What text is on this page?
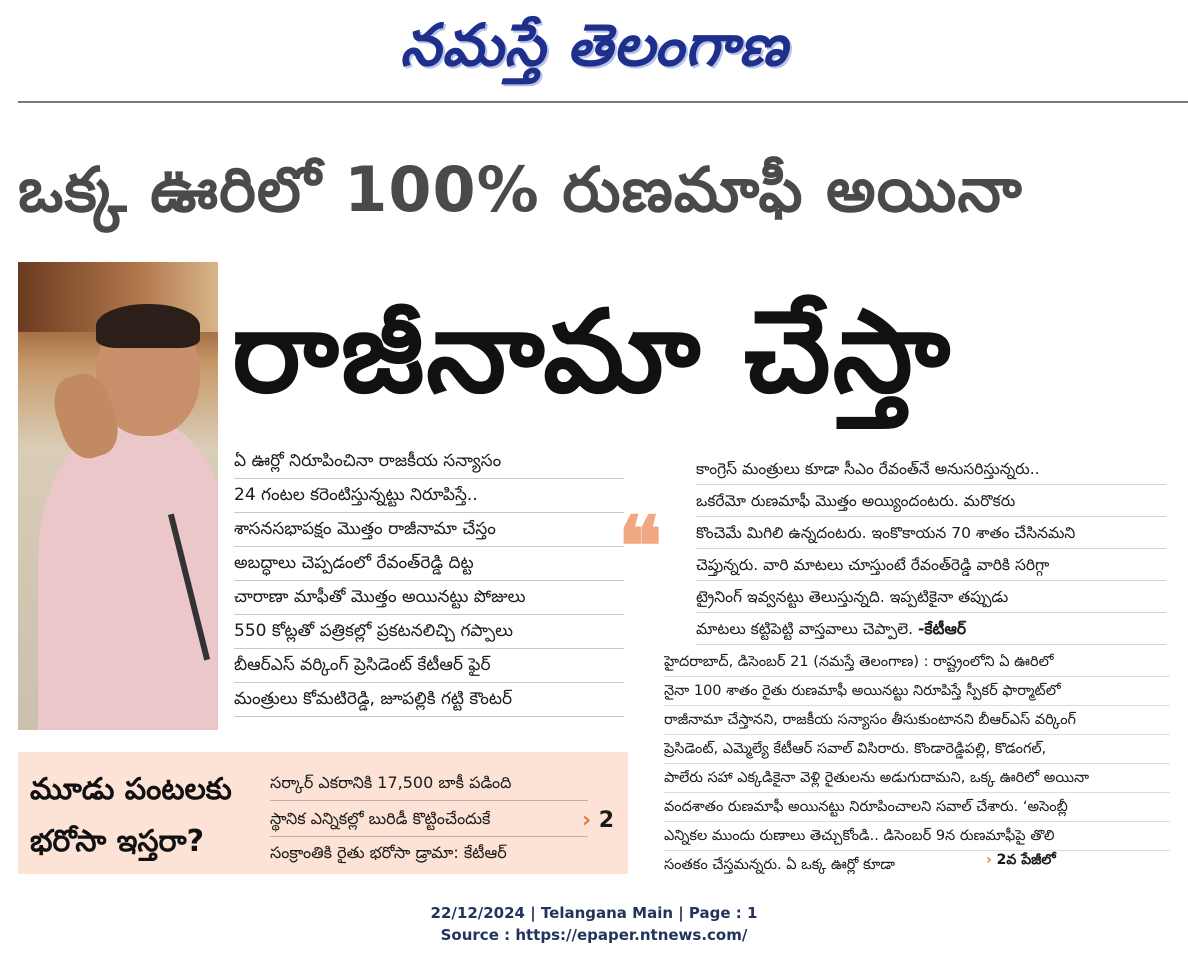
నమస్తే తెలంగాణ
ఒక్క ఊరిలో 100% రుణమాఫీ అయినా
రాజీనామా చేస్తా
ఏ ఊర్లో నిరూపించినా రాజకీయ సన్యాసం
24 గంటల కరెంటిస్తున్నట్టు నిరూపిస్తే..
శాసనసభాపక్షం మొత్తం రాజీనామా చేస్తం
అబద్ధాలు చెప్పడంలో రేవంత్‌రెడ్డి దిట్ట
చారాణా మాఫీతో మొత్తం అయినట్టు పోజులు
550 కోట్లతో పత్రికల్లో ప్రకటనలిచ్చి గప్పాలు
బీఆర్‌ఎస్ వర్కింగ్ ప్రెసిడెంట్ కేటీఆర్ ఫైర్
మంత్రులు కోమటిరెడ్డి, జూపల్లికి గట్టి కౌంటర్
❝
కాంగ్రెస్ మంత్రులు కూడా సీఎం రేవంత్‌నే అనుసరిస్తున్నరు..
ఒకరేమో రుణమాఫీ మొత్తం అయ్యిందంటరు. మరొకరు
కొంచెమే మిగిలి ఉన్నదంటరు. ఇంకొకాయన 70 శాతం చేసినమని
చెప్తున్నరు. వారి మాటలు చూస్తుంటే రేవంత్‌రెడ్డి వారికి సరిగ్గా
ట్రైనింగ్ ఇవ్వనట్టు తెలుస్తున్నది. ఇప్పటికైనా తప్పుడు
మాటలు కట్టిపెట్టి వాస్తవాలు చెప్పాలె. -కేటీఆర్
హైదరాబాద్, డిసెంబర్ 21 (నమస్తే తెలంగాణ) : రాష్ట్రంలోని ఏ ఊరిలో
నైనా 100 శాతం రైతు రుణమాఫీ అయినట్టు నిరూపిస్తే స్పీకర్ ఫార్మాట్‌లో
రాజీనామా చేస్తానని, రాజకీయ సన్యాసం తీసుకుంటానని బీఆర్‌ఎస్ వర్కింగ్
ప్రెసిడెంట్, ఎమ్మెల్యే కేటీఆర్ సవాల్ విసిరారు. కొండారెడ్డిపల్లి, కొడంగల్,
పాలేరు సహా ఎక్కడికైనా వెళ్లి రైతులను అడుగుదామని, ఒక్క ఊరిలో అయినా
వందశాతం రుణమాఫీ అయినట్టు నిరూపించాలని సవాల్ చేశారు. ‘అసెంబ్లీ
ఎన్నికల ముందు రుణాలు తెచ్చుకోండి.. డిసెంబర్ 9న రుణమాఫీపై తొలి
సంతకం చేస్తమన్నరు. ఏ ఒక్క ఊర్లో కూడా	› 2వ పేజీలో
మూడు పంటలకు భరోసా ఇస్తరా?
సర్కార్ ఎకరానికి 17,500 బాకీ పడింది
స్థానిక ఎన్నికల్లో బురిడీ కొట్టించేందుకే
సంక్రాంతికి రైతు భరోసా డ్రామా: కేటీఆర్
› 2
22/12/2024 | Telangana Main | Page : 1
Source : https://epaper.ntnews.com/
